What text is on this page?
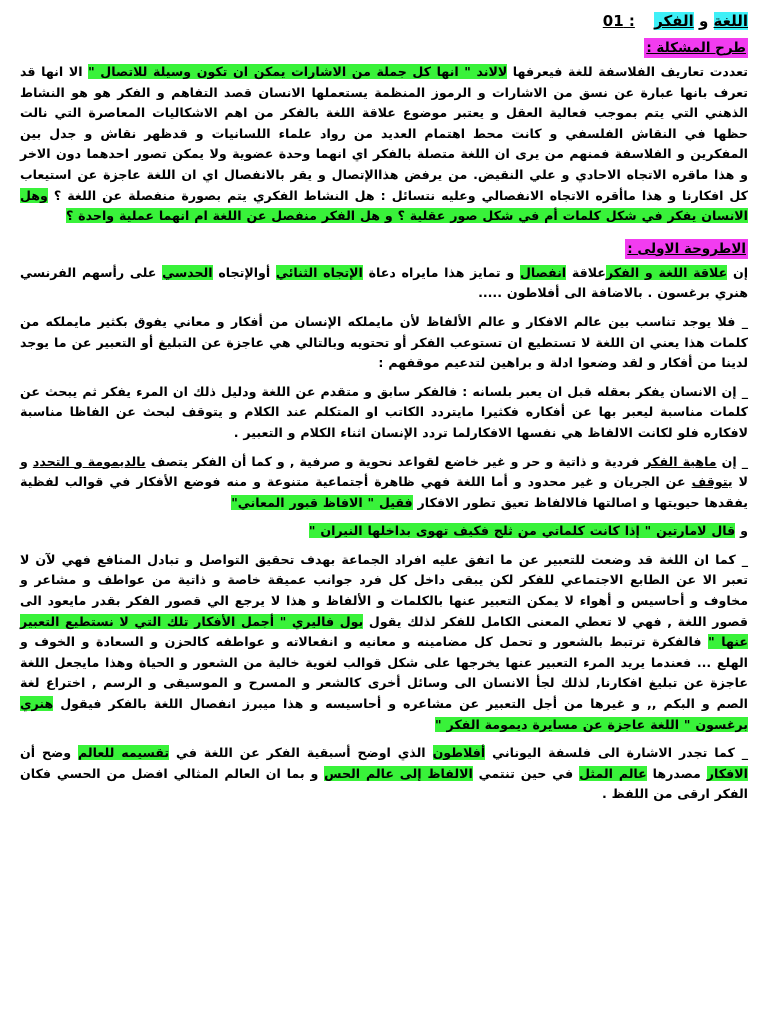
اللغة و الفكر : 01
طرح المشكلة :

تعددت تعاريف الفلاسفة للغة فيعرفها لالاند " انها كل جملة من الاشارات يمكن ان تكون وسيلة للاتصال " الا انها قد تعرف بانها عبارة عن نسق من الاشارات و الرموز المنظمة يستعملها الانسان قصد التفاهم و الفكر هو هو النشاط الذهني التي يتم بموجب فعالية العقل و يعتبر موضوع علاقة اللغة بالفكر من اهم الاشكاليات المعاصرة التي نالت حظها في النقاش الفلسفي و كانت محط اهتمام العديد من رواد علماء اللسانيات و قدظهر نقاش و جدل بين المفكرين و الفلاسفة فمنهم من يرى ان اللغة متصلة بالفكر اي انهما وحدة عضوية ولا يمكن تصور احدهما دون الاخر و هذا ماقره الاتجاه الاحادي و علي النقيض. من يرفض هذاالإتصال و يقر بالانفصال اي ان اللغة عاجزة عن استيعاب كل افكارنا و هذا ماأقره الاتجاه الانفصالي وعليه نتسائل : هل النشاط الفكري يتم بصورة منفصلة عن اللغة ؟ وهل الانسان يفكر في شكل كلمات أم في شكل صور عقلية ؟ و هل الفكر منفصل عن اللغة ام انهما عملية واحدة ؟

الاطروحة الاولى :

إن علاقة اللغة و الفكرعلاقة انفصال و تمايز هذا مايراه دعاة الإتجاه الثنائي أوالإتجاه الحدسي على رأسهم الفرنسي هنري برغسون . بالاضافة الى أفلاطون .....

_ فلا يوجد تناسب بين عالم الافكار و عالم الألفاظ لأن مايملكه الإنسان من أفكار و معاني يفوق بكثير مايملكه من كلمات هذا يعني ان اللغة لا تستطيع ان تستوعب الفكر أو تحتويه وبالتالي هي عاجزة عن التبليغ أو التعبير عن ما يوجد لدينا من أفكار و لقد وضعوا ادلة و براهين لتدعيم موقفهم :

_ إن الانسان يفكر بعقله قبل ان يعبر بلسانه : فالفكر سابق و متقدم عن اللغة ودليل ذلك ان المرء يفكر ثم يبحث عن كلمات مناسبة ليعبر بها عن أفكاره فكثيرا مايتردد الكاتب او المتكلم عند الكلام و يتوقف لبحث عن الفاظا مناسبة لافكاره فلو لكانت الالفاظ هي نفسها الافكارلما تردد الإنسان اثناء الكلام و التعبير .

_ إن ماهية الفكر فردية و ذاتية و حر و غير خاضع لقواعد نحوية و صرفية , و كما أن الفكر يتصف بالديمومة و التجدد و لا يتوقف عن الجريان و غير محدود و أما اللغة فهي ظاهرة أجتماعية متنوعة و منه فوضع الأفكار في قوالب لفظية يفقدها حيويتها و اصالتها فالالفاظ تعيق تطور الافكار فقيل " الافاظ قبور المعاني"

و قال لامارتين " إذا كانت كلماتي من ثلج فكيف تهوى بداخلها النيران "

_ كما ان اللغة قد وضعت للتعبير عن ما اتفق عليه افراد الجماعة بهدف تحقيق التواصل و تبادل المنافع فهي لآن لا تعبر الا عن الطابع الاجتماعي للفكر لكن يبقى داخل كل فرد جوانب عميقة خاصة و ذاتية من عواطف و مشاعر و مخاوف و أحاسيس و أهواء لا يمكن التعبير عنها بالكلمات و الألفاظ و هذا لا يرجع الي قصور الفكر بقدر مايعود الى قصور اللغة , فهي لا تعطي المعنى الكامل للفكر لذلك يقول بول فاليري " أجمل الأفكار تلك التي لا نستطيع التعبير عنها " فالفكرة ترتبط بالشعور و تحمل كل مضامينه و معانيه و انفعالاته و عواطفه كالحزن و السعادة و الخوف و الهلع ... فعندما يريد المرء التعبير عنها يخرجها على شكل قوالب لغوية خالية من الشعور و الحياة وهذا مايجعل اللغة عاجزة عن تبليغ افكارنا, لذلك لجأ الانسان الى وسائل أخرى كالشعر و المسرح و الموسيقى و الرسم , اختراع لغة الصم و البكم ,, و غيرها من أجل التعبير عن مشاعره و أحاسيسه و هذا ميبرز انفصال اللغة بالفكر فيقول هنري برغسون " اللغة عاجزة عن مسايرة ديمومة الفكر "

_ كما تجدر الاشارة الى فلسفة اليوناني أفلاطون الذي اوضح أسبقية الفكر عن اللغة في تقسيمه للعالم وضح أن الافكار مصدرها عالم المثل في حين تنتمي الالفاظ إلى عالم الحس و بما ان العالم المثالي افضل من الحسي فكان الفكر ارقى من اللفظ .
